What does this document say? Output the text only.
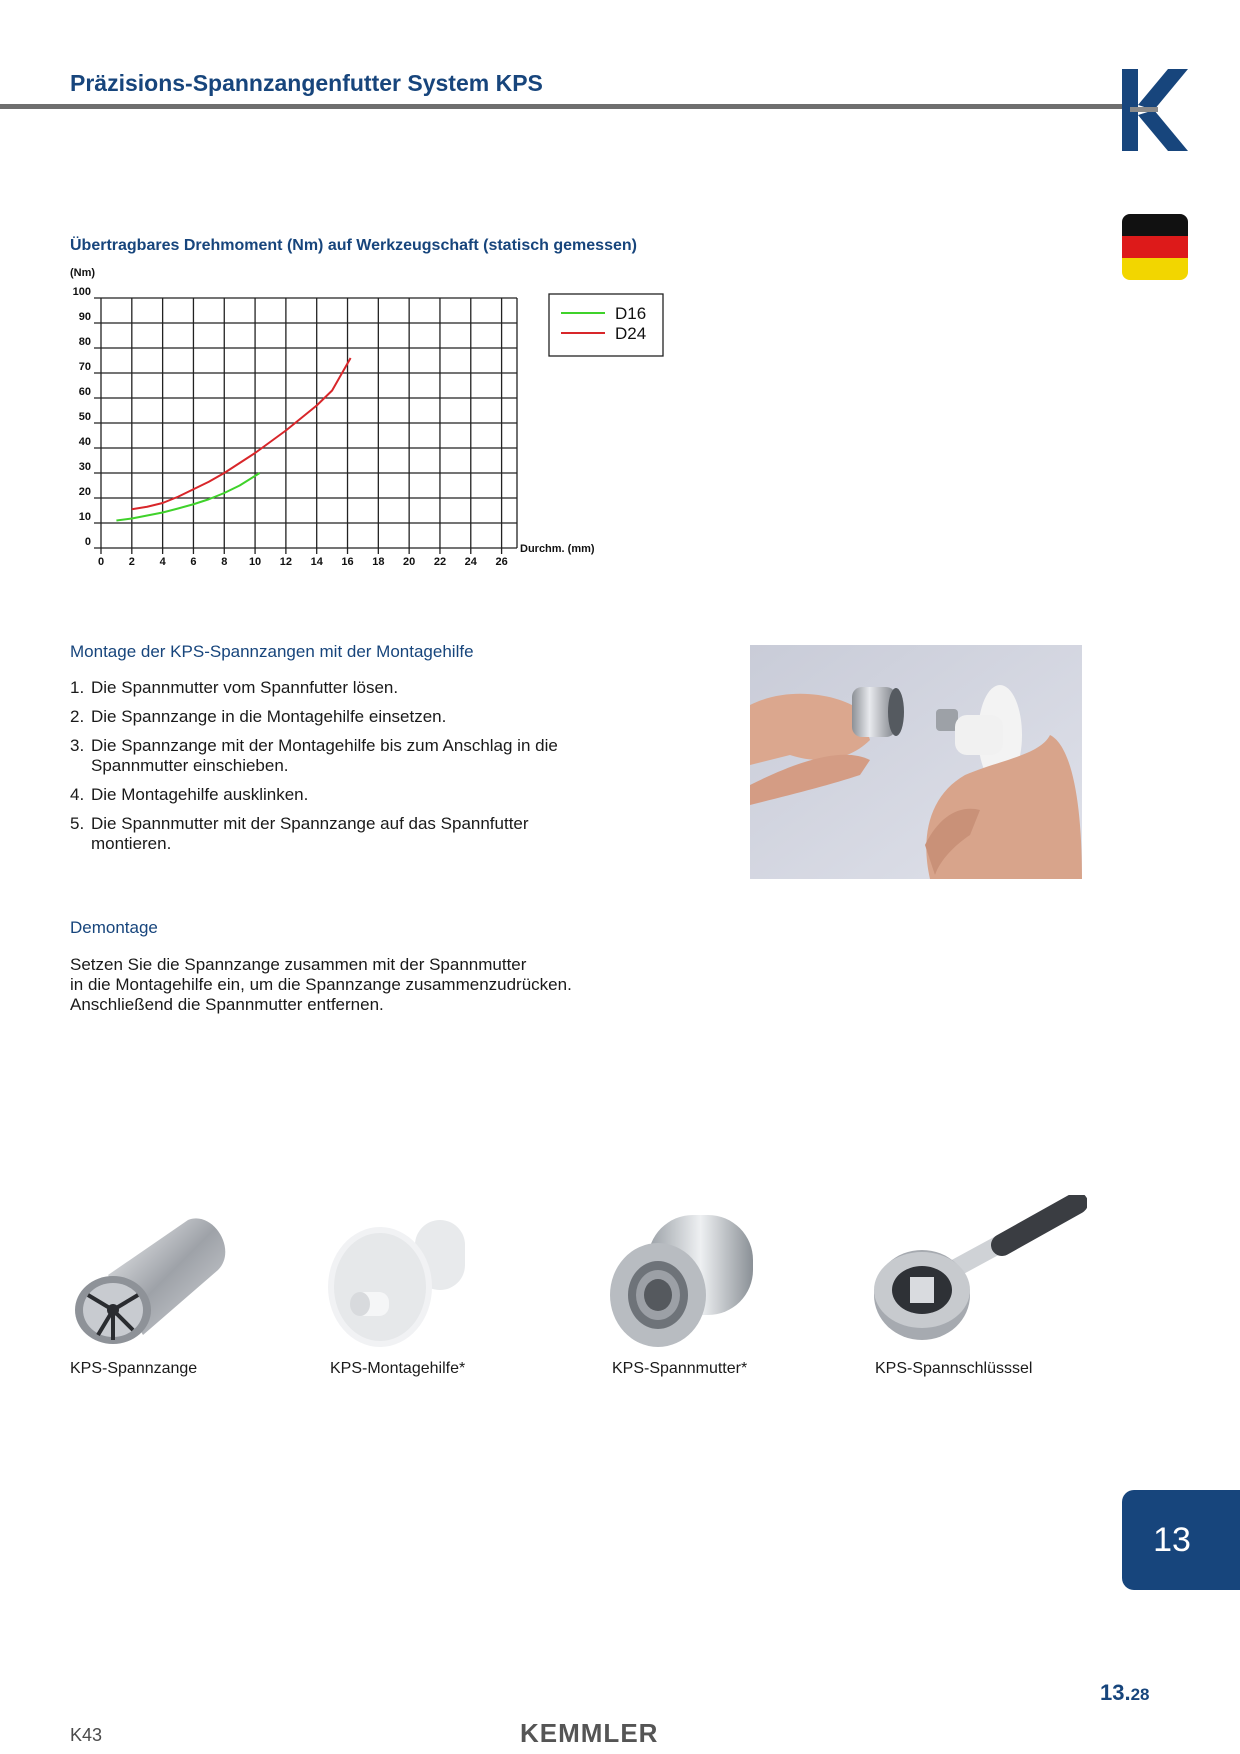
Präzisions-Spannzangenfutter System KPS
Übertragbares Drehmoment (Nm) auf Werkzeugschaft (statisch gemessen)
(Nm)
0
10
20
30
40
50
60
70
80
90
100
0 2 4 6 8 10 12 14 16 18 20 22 24 26
Durchm. (mm)
D16
D24
Montage der KPS-Spannzangen mit der Montagehilfe
1. Die Spannmutter vom Spannfutter lösen.
2. Die Spannzange in die Montagehilfe einsetzen.
3. Die Spannzange mit der Montagehilfe bis zum Anschlag in die Spannmutter einschieben.
4. Die Montagehilfe ausklinken.
5. Die Spannmutter mit der Spannzange auf das Spannfutter montieren.
Demontage
Setzen Sie die Spannzange zusammen mit der Spannmutter
in die Montagehilfe ein, um die Spannzange zusammenzudrücken.
Anschließend die Spannmutter entfernen.
KPS-Spannzange	KPS-Montagehilfe*	KPS-Spannmutter*	KPS-Spannschlüsssel
13
K43	KEMMLER
13.28
